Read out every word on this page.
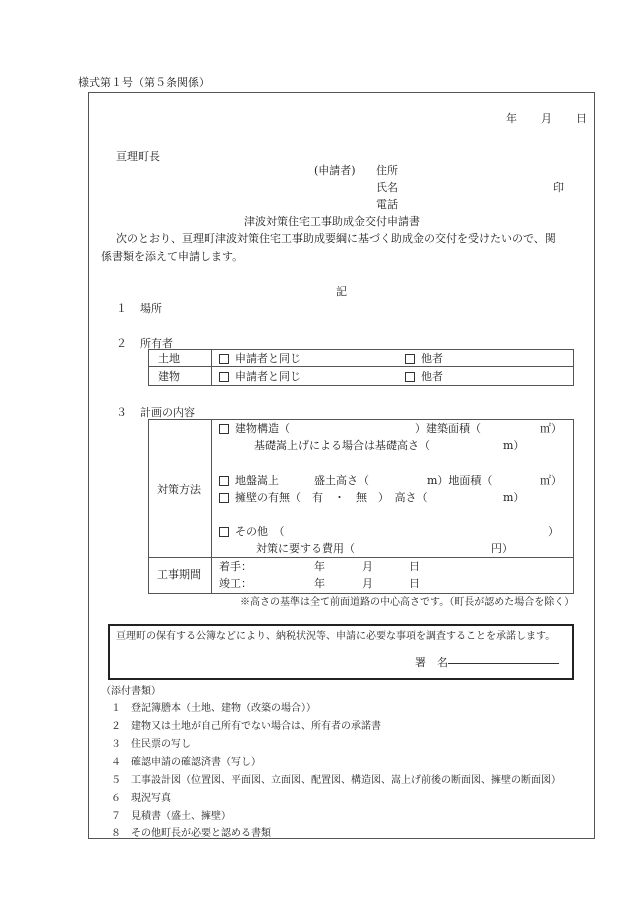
様式第１号（第５条関係）
年 月 日
亘理町長
(申請者) 住所
氏名	印
電話
津波対策住宅工事助成金交付申請書
次のとおり、亘理町津波対策住宅工事助成要綱に基づく助成金の交付を受けたいので、関
係書類を添えて申請します。
記
１ 場所
２ 所有者
土地	申請者と同じ	他者
建物	申請者と同じ	他者
３ 計画の内容
対策方法
建物構造（	）建築面積（	㎡）
基礎嵩上げによる場合は基礎高さ（	m）
地盤嵩上	盛土高さ（	m）地面積（	㎡）
擁壁の有無（　有　・　無　）　高さ（	m）
その他　（	）
対策に要する費用（	円）
工事期間
着手：	年	月	日
竣工：	年	月	日
※高さの基準は全て前面道路の中心高さです。（町長が認めた場合を除く）
亘理町の保有する公簿などにより、納税状況等、申請に必要な事項を調査することを承諾します。
署　名
（添付書類）
１　 登記簿謄本（土地、建物（改築の場合））
２　 建物又は土地が自己所有でない場合は、所有者の承諾書
３　 住民票の写し
４　 確認申請の確認済書（写し）
５　 工事設計図（位置図、平面図、立面図、配置図、構造図、嵩上げ前後の断面図、擁壁の断面図）
６　 現況写真
７　 見積書（盛土、擁壁）
８　 その他町長が必要と認める書類
